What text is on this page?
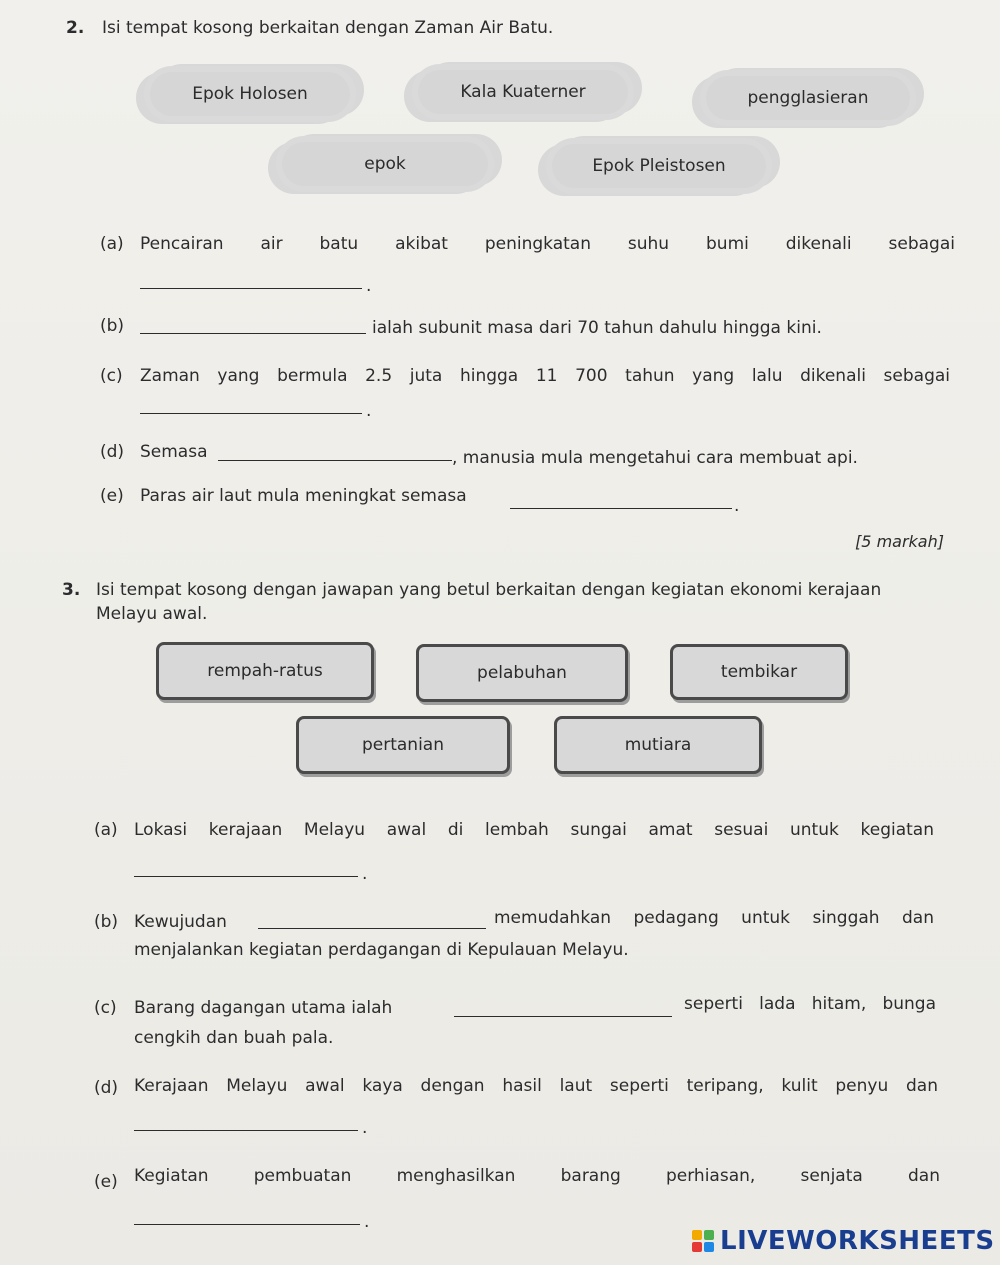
2. Isi tempat kosong berkaitan dengan Zaman Air Batu.
Epok Holosen	Kala Kuaterner	pengglasieran
epok	Epok Pleistosen
(a) Pencairan air batu akibat peningkatan suhu bumi dikenali sebagai
.
(b)	ialah subunit masa dari 70 tahun dahulu hingga kini.
(c) Zaman yang bermula 2.5 juta hingga 11 700 tahun yang lalu dikenali sebagai
.
(d) Semasa	, manusia mula mengetahui cara membuat api.
(e) Paras air laut mula meningkat semasa	.
[5 markah]
3. Isi tempat kosong dengan jawapan yang betul berkaitan dengan kegiatan ekonomi kerajaan
Melayu awal.
rempah-ratus	pelabuhan	tembikar
pertanian	mutiara
(a) Lokasi kerajaan Melayu awal di lembah sungai amat sesuai untuk kegiatan
.
(b) Kewujudan	memudahkan pedagang untuk singgah dan
menjalankan kegiatan perdagangan di Kepulauan Melayu.
(c) Barang dagangan utama ialah	seperti lada hitam, bunga
cengkih dan buah pala.
(d) Kerajaan Melayu awal kaya dengan hasil laut seperti teripang, kulit penyu dan
.
(e) Kegiatan pembuatan menghasilkan barang perhiasan, senjata dan
.
LIVEWORKSHEETS
